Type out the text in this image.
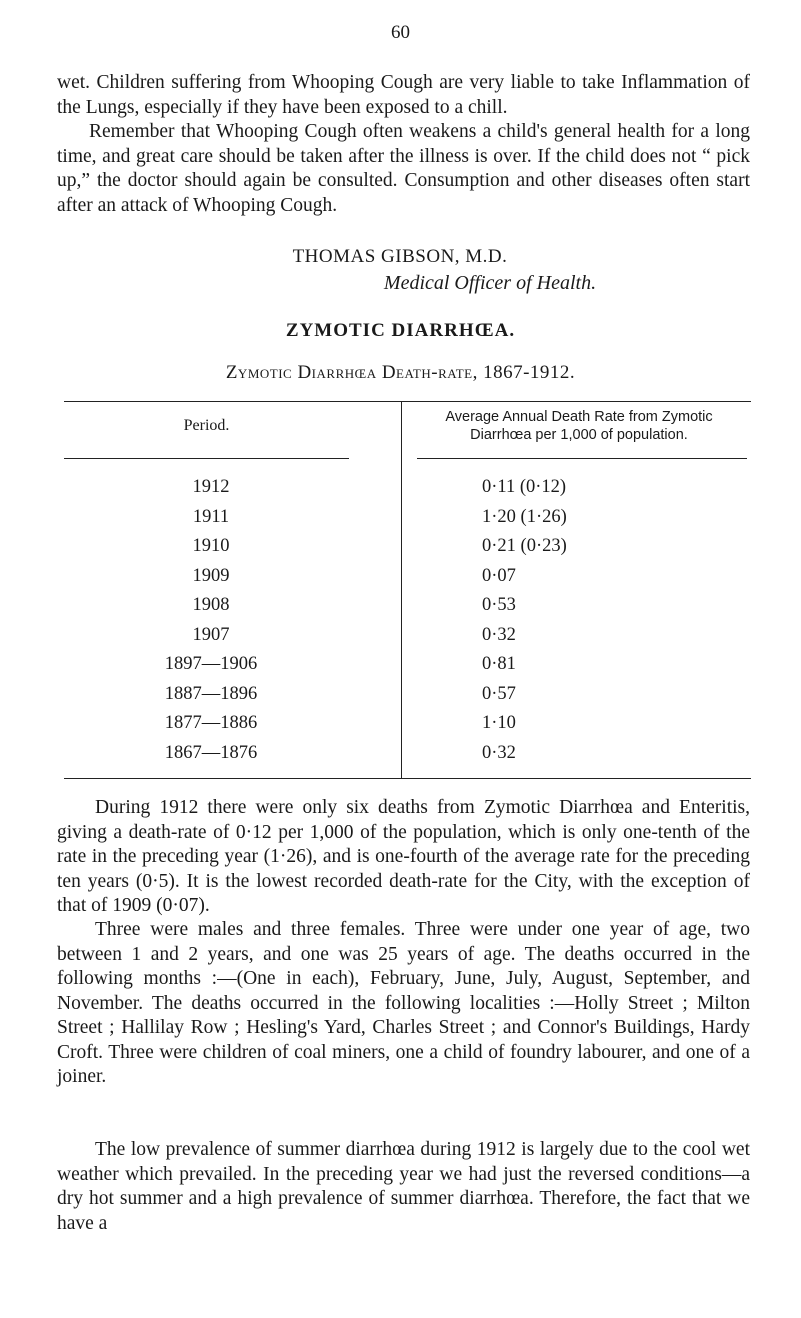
60

wet. Children suffering from Whooping Cough are very liable to take Inflammation of the Lungs, especially if they have been exposed to a chill.

Remember that Whooping Cough often weakens a child's general health for a long time, and great care should be taken after the illness is over. If the child does not “ pick up,” the doctor should again be consulted. Consumption and other diseases often start after an attack of Whooping Cough.

THOMAS GIBSON, M.D.

Medical Officer of Health.

ZYMOTIC DIARRHŒA.

Zymotic Diarrhœa Death-rate, 1867-1912.

Period.	Average Annual Death Rate from Zymotic
Diarrhœa per 1,000 of population.
1912	0·11 (0·12)
1911	1·20 (1·26)
1910	0·21 (0·23)
1909	0·07
1908	0·53
1907	0·32
1897—1906	0·81
1887—1896	0·57
1877—1886	1·10
1867—1876	0·32

During 1912 there were only six deaths from Zymotic Diarrhœa and Enteritis, giving a death-rate of 0·12 per 1,000 of the population, which is only one-tenth of the rate in the preceding year (1·26), and is one-fourth of the average rate for the preceding ten years (0·5). It is the lowest recorded death-rate for the City, with the exception of that of 1909 (0·07).

Three were males and three females. Three were under one year of age, two between 1 and 2 years, and one was 25 years of age. The deaths occurred in the following months :—(One in each), February, June, July, August, September, and November. The deaths occurred in the following localities :—Holly Street ; Milton Street ; Hallilay Row ; Hesling's Yard, Charles Street ; and Connor's Buildings, Hardy Croft. Three were children of coal miners, one a child of foundry labourer, and one of a joiner.

The low prevalence of summer diarrhœa during 1912 is largely due to the cool wet weather which prevailed. In the preceding year we had just the reversed conditions—a dry hot summer and a high prevalence of summer diarrhœa. Therefore, the fact that we have a
